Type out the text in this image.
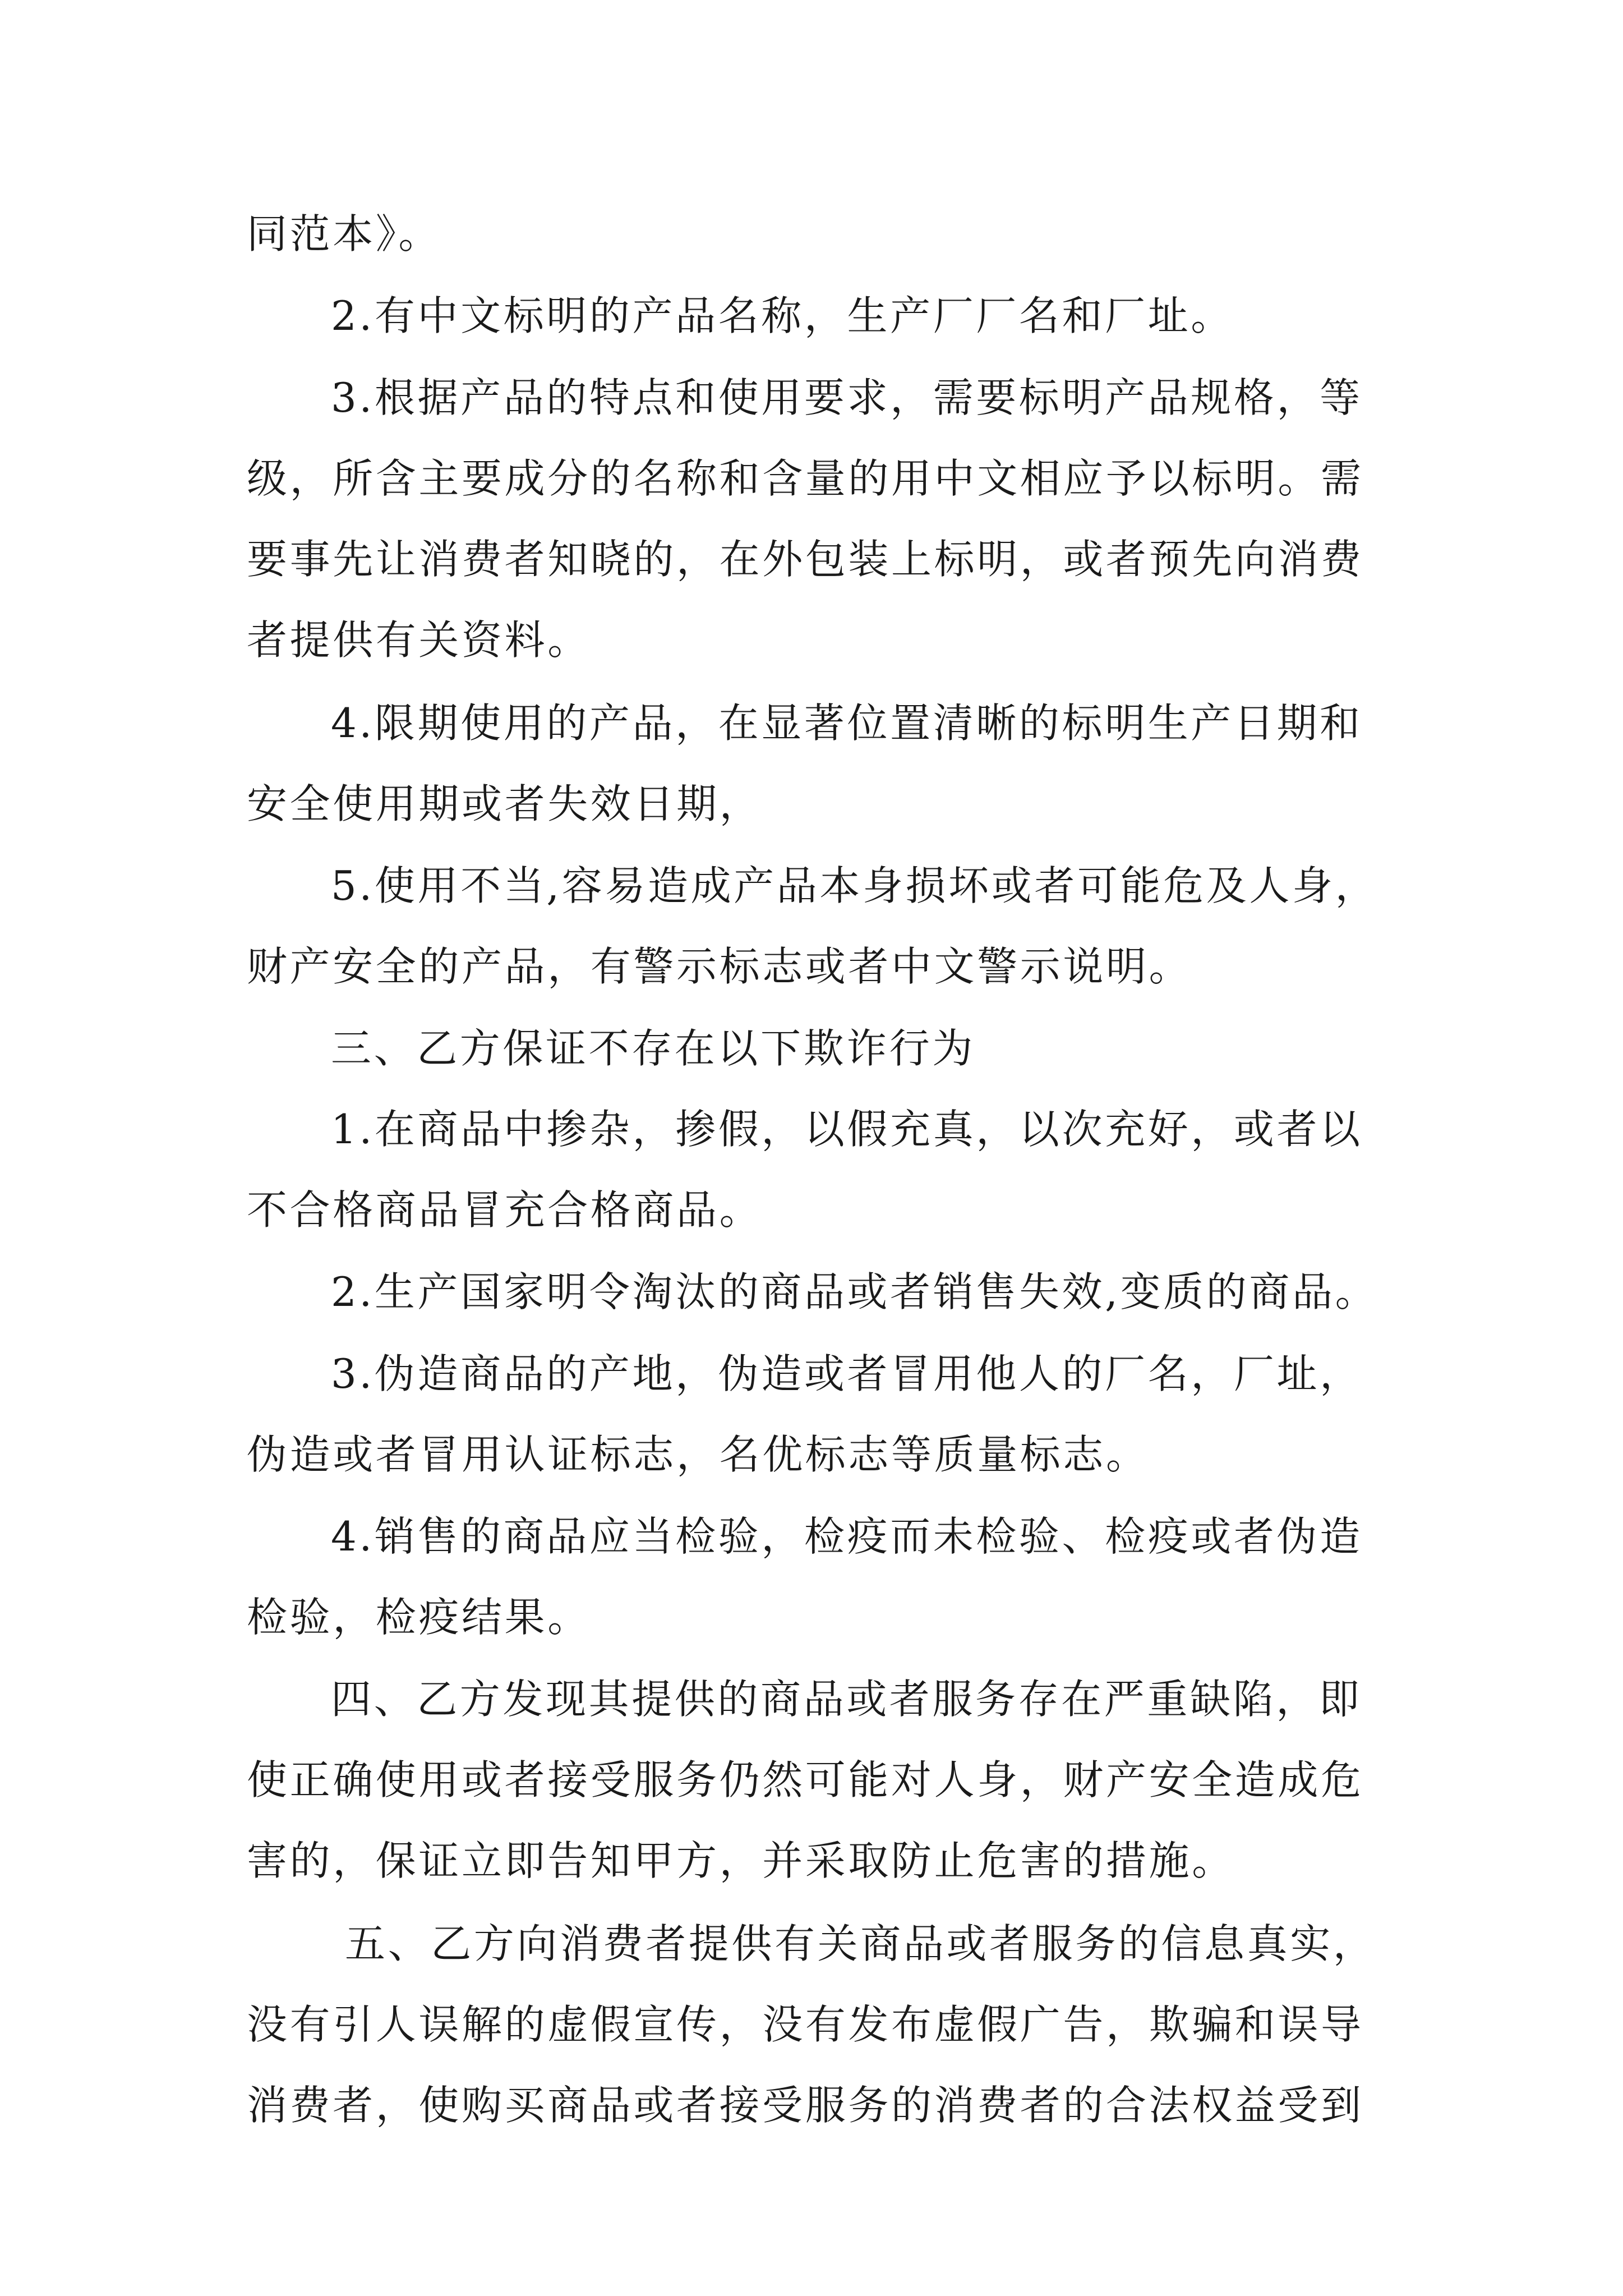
同范本》。
2.有中文标明的产品名称，生产厂厂名和厂址。
3.根据产品的特点和使用要求，需要标明产品规格，等
级，所含主要成分的名称和含量的用中文相应予以标明。需
要事先让消费者知晓的，在外包装上标明，或者预先向消费
者提供有关资料。
4.限期使用的产品，在显著位置清晰的标明生产日期和
安全使用期或者失效日期，
5.使用不当,容易造成产品本身损坏或者可能危及人身，
财产安全的产品，有警示标志或者中文警示说明。
三、乙方保证不存在以下欺诈行为
1.在商品中掺杂，掺假，以假充真，以次充好，或者以
不合格商品冒充合格商品。
2.生产国家明令淘汰的商品或者销售失效,变质的商品。
3.伪造商品的产地，伪造或者冒用他人的厂名，厂址，
伪造或者冒用认证标志，名优标志等质量标志。
4.销售的商品应当检验，检疫而未检验、检疫或者伪造
检验，检疫结果。
四、乙方发现其提供的商品或者服务存在严重缺陷，即
使正确使用或者接受服务仍然可能对人身，财产安全造成危
害的，保证立即告知甲方，并采取防止危害的措施。
五、乙方向消费者提供有关商品或者服务的信息真实，
没有引人误解的虚假宣传，没有发布虚假广告，欺骗和误导
消费者，使购买商品或者接受服务的消费者的合法权益受到
